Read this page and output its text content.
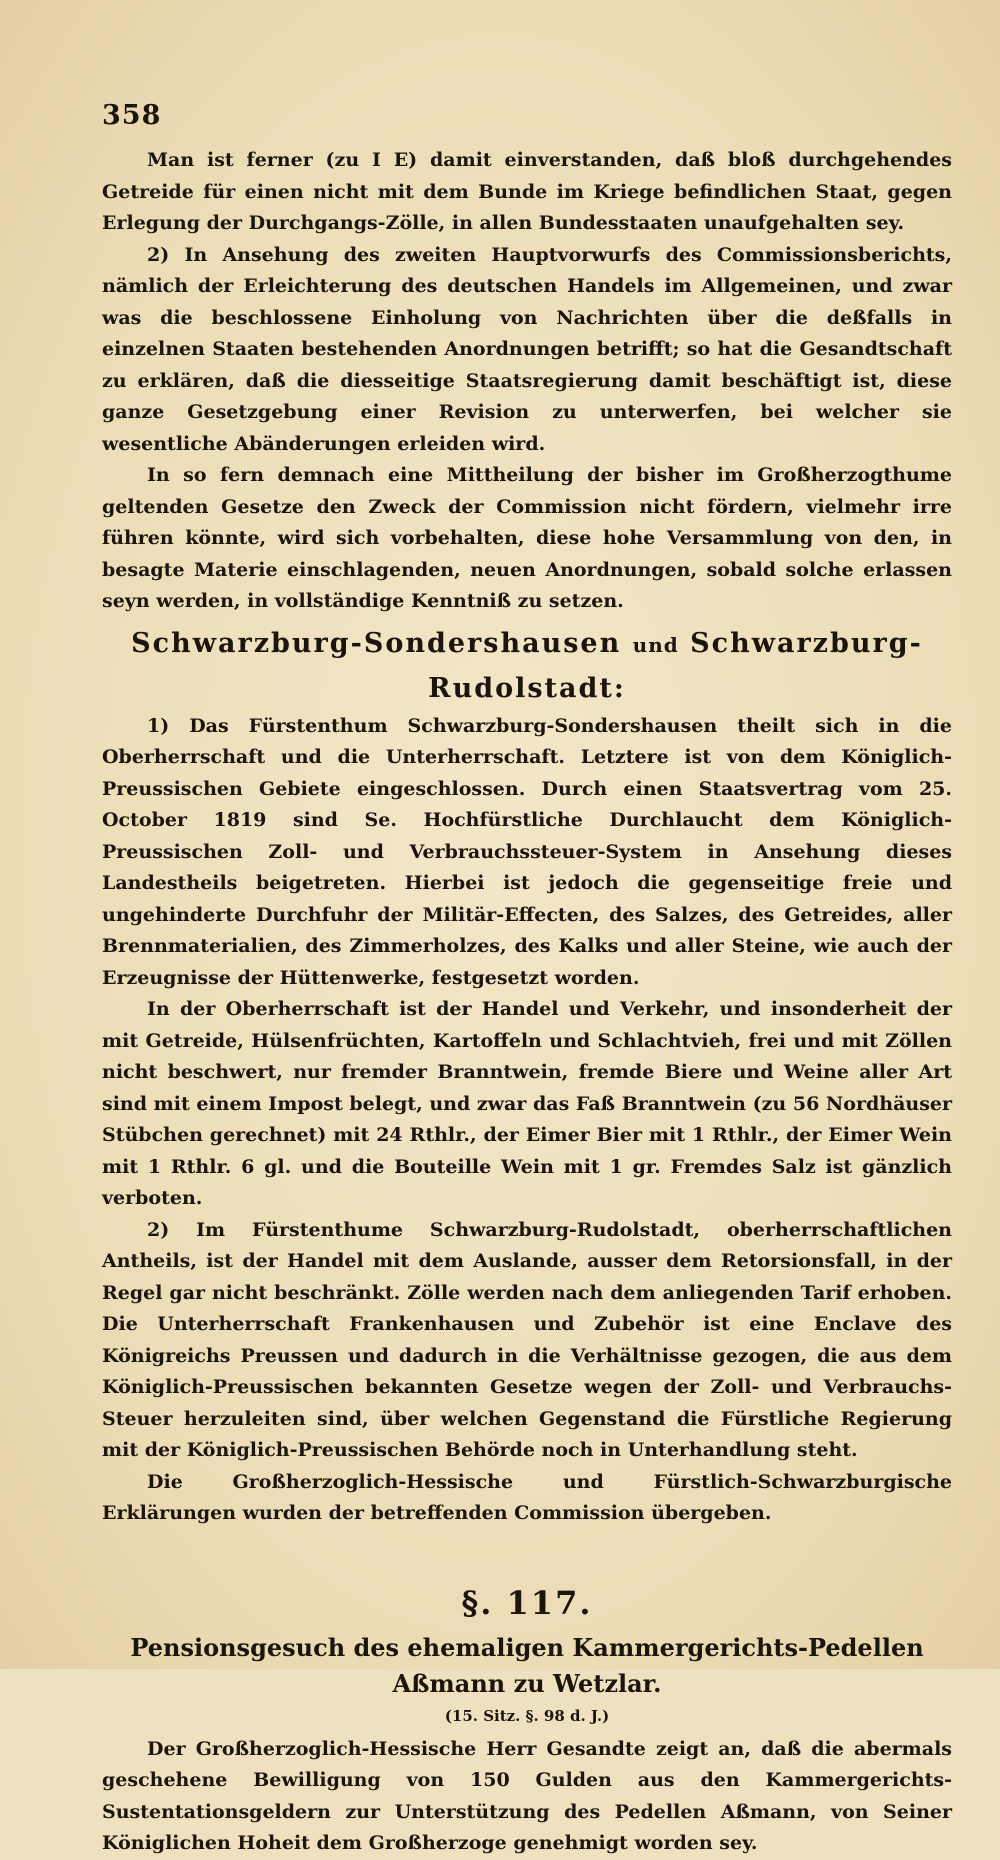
358

Man ist ferner (zu I E) damit einverstanden, daß bloß durchgehendes Getreide für einen nicht mit dem Bunde im Kriege befindlichen Staat, gegen Erlegung der Durchgangs-Zölle, in allen Bundesstaaten unaufgehalten sey.

2) In Ansehung des zweiten Hauptvorwurfs des Commissionsberichts, nämlich der Erleichterung des deutschen Handels im Allgemeinen, und zwar was die beschlossene Einholung von Nachrichten über die deßfalls in einzelnen Staaten bestehenden Anordnungen betrifft; so hat die Gesandtschaft zu erklären, daß die diesseitige Staatsregierung damit beschäftigt ist, diese ganze Gesetzgebung einer Revision zu unterwerfen, bei welcher sie wesentliche Abänderungen erleiden wird.

In so fern demnach eine Mittheilung der bisher im Großherzogthume geltenden Gesetze den Zweck der Commission nicht fördern, vielmehr irre führen könnte, wird sich vorbehalten, diese hohe Versammlung von den, in besagte Materie einschlagenden, neuen Anordnungen, sobald solche erlassen seyn werden, in vollständige Kenntniß zu setzen.

Schwarzburg-Sondershausen und Schwarzburg-Rudolstadt:

1) Das Fürstenthum Schwarzburg-Sondershausen theilt sich in die Oberherrschaft und die Unterherrschaft. Letztere ist von dem Königlich-Preussischen Gebiete eingeschlossen. Durch einen Staatsvertrag vom 25. October 1819 sind Se. Hochfürstliche Durchlaucht dem Königlich-Preussischen Zoll- und Verbrauchssteuer-System in Ansehung dieses Landestheils beigetreten. Hierbei ist jedoch die gegenseitige freie und ungehinderte Durchfuhr der Militär-Effecten, des Salzes, des Getreides, aller Brennmaterialien, des Zimmerholzes, des Kalks und aller Steine, wie auch der Erzeugnisse der Hüttenwerke, festgesetzt worden.

In der Oberherrschaft ist der Handel und Verkehr, und insonderheit der mit Getreide, Hülsenfrüchten, Kartoffeln und Schlachtvieh, frei und mit Zöllen nicht beschwert, nur fremder Branntwein, fremde Biere und Weine aller Art sind mit einem Impost belegt, und zwar das Faß Branntwein (zu 56 Nordhäuser Stübchen gerechnet) mit 24 Rthlr., der Eimer Bier mit 1 Rthlr., der Eimer Wein mit 1 Rthlr. 6 gl. und die Bouteille Wein mit 1 gr. Fremdes Salz ist gänzlich verboten.

2) Im Fürstenthume Schwarzburg-Rudolstadt, oberherrschaftlichen Antheils, ist der Handel mit dem Auslande, ausser dem Retorsionsfall, in der Regel gar nicht beschränkt. Zölle werden nach dem anliegenden Tarif erhoben. Die Unterherrschaft Frankenhausen und Zubehör ist eine Enclave des Königreichs Preussen und dadurch in die Verhältnisse gezogen, die aus dem Königlich-Preussischen bekannten Gesetze wegen der Zoll- und Verbrauchs-Steuer herzuleiten sind, über welchen Gegenstand die Fürstliche Regierung mit der Königlich-Preussischen Behörde noch in Unterhandlung steht.

Die Großherzoglich-Hessische und Fürstlich-Schwarzburgische Erklärungen wurden der betreffenden Commission übergeben.

§. 117.
Pensionsgesuch des ehemaligen Kammergerichts-Pedellen Aßmann zu Wetzlar.
(15. Sitz. §. 98 d. J.)

Der Großherzoglich-Hessische Herr Gesandte zeigt an, daß die abermals geschehene Bewilligung von 150 Gulden aus den Kammergerichts-Sustentationsgeldern zur Unterstützung des Pedellen Aßmann, von Seiner Königlichen Hoheit dem Großherzoge genehmigt worden sey.
